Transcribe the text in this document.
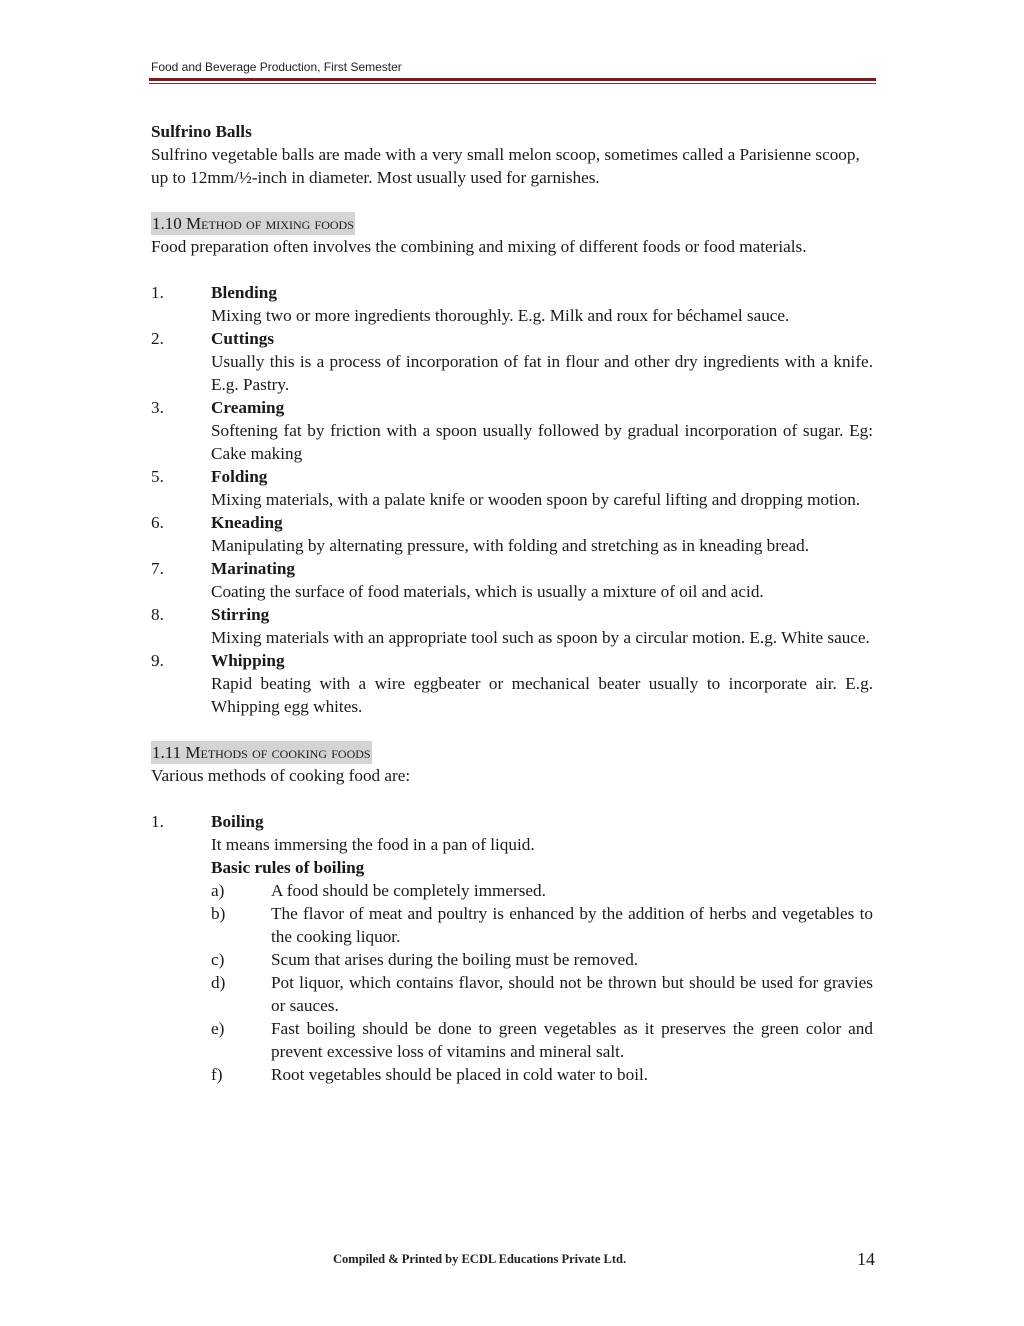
Food and Beverage Production, First Semester

Sulfrino Balls

Sulfrino vegetable balls are made with a very small melon scoop, sometimes called a Parisienne scoop, up to 12mm/½-inch in diameter. Most usually used for garnishes.

1.10 Method of mixing foods

Food preparation often involves the combining and mixing of different foods or food materials.

1.	Blending
Mixing two or more ingredients thoroughly. E.g. Milk and roux for béchamel sauce.
2.	Cuttings
Usually this is a process of incorporation of fat in flour and other dry ingredients with a knife. E.g. Pastry.
3.	Creaming
Softening fat by friction with a spoon usually followed by gradual incorporation of sugar. Eg: Cake making
5.	Folding
Mixing materials, with a palate knife or wooden spoon by careful lifting and dropping motion.
6.	Kneading
Manipulating by alternating pressure, with folding and stretching as in kneading bread.
7.	Marinating
Coating the surface of food materials, which is usually a mixture of oil and acid.
8.	Stirring
Mixing materials with an appropriate tool such as spoon by a circular motion. E.g. White sauce.
9.	Whipping
Rapid beating with a wire eggbeater or mechanical beater usually to incorporate air. E.g. Whipping egg whites.
1.11 Methods of cooking foods

Various methods of cooking food are:

1.	Boiling
It means immersing the food in a pan of liquid.
Basic rules of boiling
a)	A food should be completely immersed.
b)	The flavor of meat and poultry is enhanced by the addition of herbs and vegetables to the cooking liquor.
c)	Scum that arises during the boiling must be removed.
d)	Pot liquor, which contains flavor, should not be thrown but should be used for gravies or sauces.
e)	Fast boiling should be done to green vegetables as it preserves the green color and prevent excessive loss of vitamins and mineral salt.
f)	Root vegetables should be placed in cold water to boil.
Compiled & Printed by ECDL Educations Private Ltd.	14
